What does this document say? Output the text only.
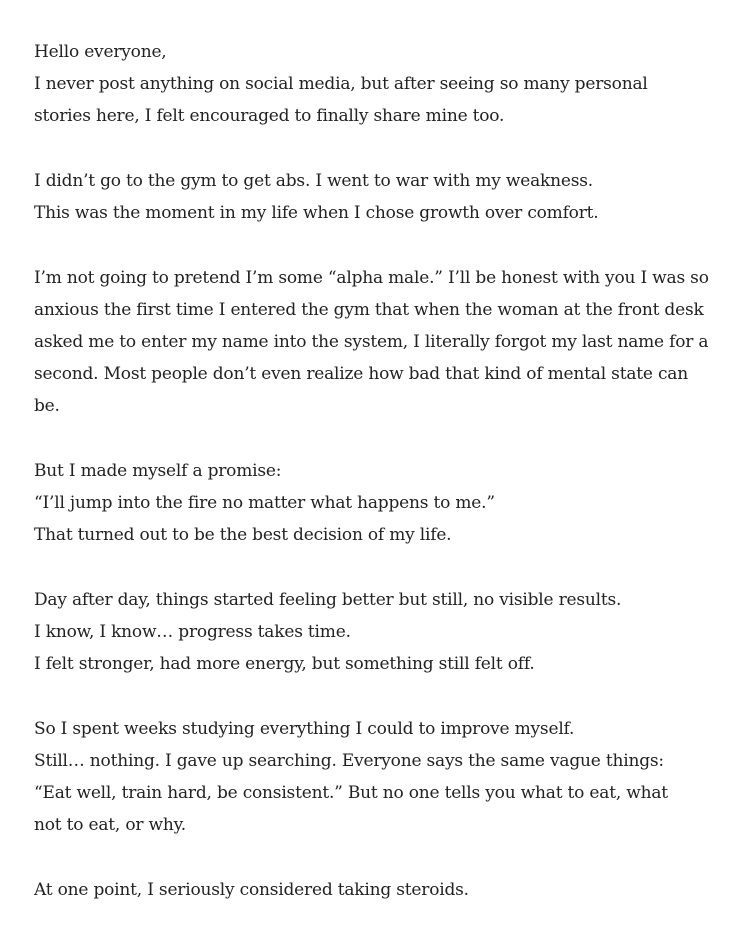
Hello everyone,
I never post anything on social media, but after seeing so many personal stories here, I felt encouraged to finally share mine too.

I didn’t go to the gym to get abs. I went to war with my weakness.
This was the moment in my life when I chose growth over comfort.

I’m not going to pretend I’m some “alpha male.” I’ll be honest with you I was so anxious the first time I entered the gym that when the woman at the front desk asked me to enter my name into the system, I literally forgot my last name for a second. Most people don’t even realize how bad that kind of mental state can be.

But I made myself a promise:
“I’ll jump into the fire no matter what happens to me.”
That turned out to be the best decision of my life.

Day after day, things started feeling better but still, no visible results.
I know, I know… progress takes time.
I felt stronger, had more energy, but something still felt off.

So I spent weeks studying everything I could to improve myself.
Still… nothing. I gave up searching. Everyone says the same vague things: “Eat well, train hard, be consistent.” But no one tells you what to eat, what not to eat, or why.

At one point, I seriously considered taking steroids.
